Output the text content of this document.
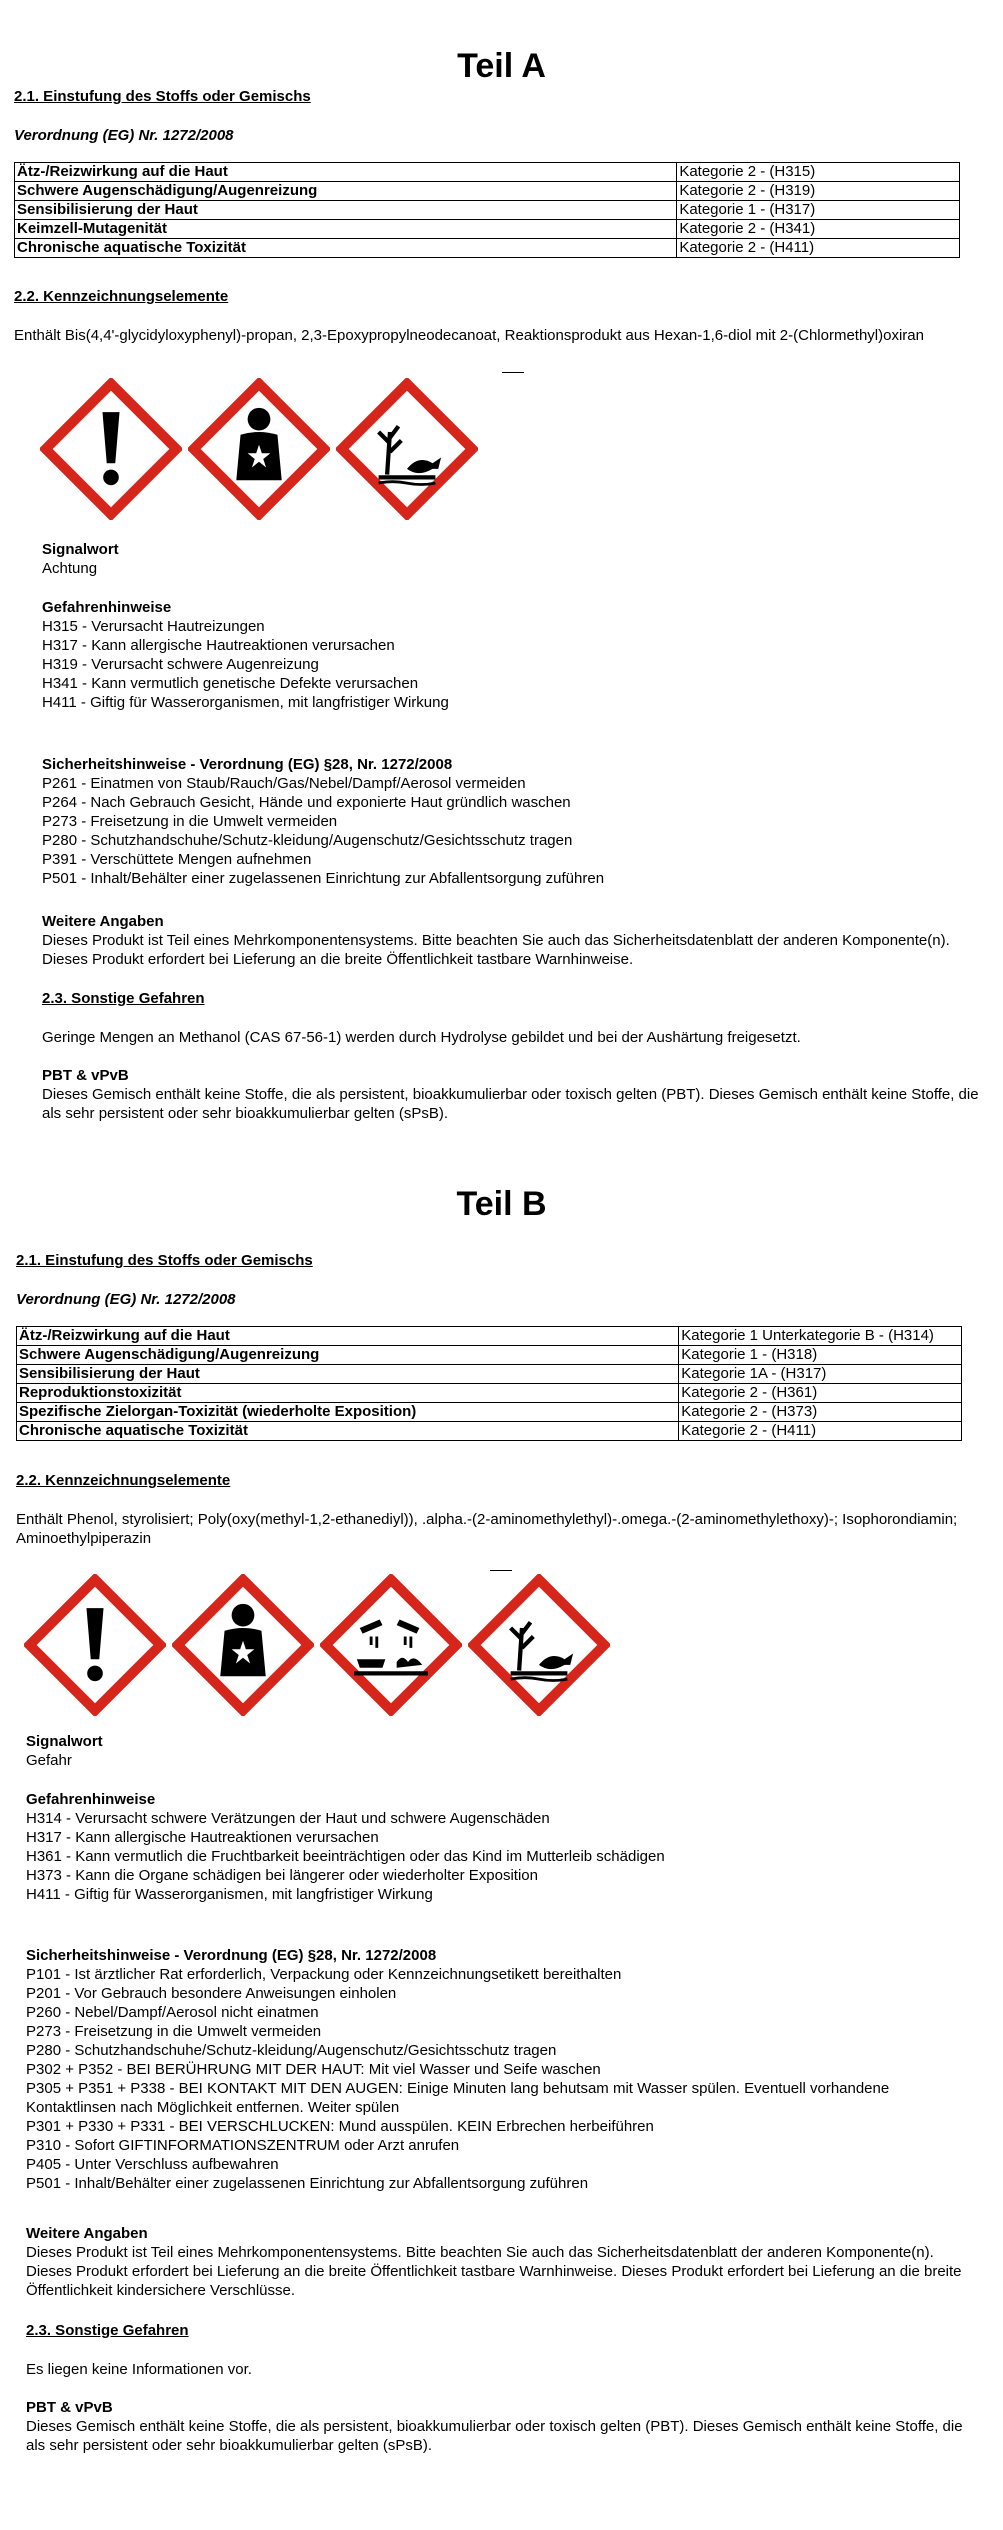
Teil A
2.1. Einstufung des Stoffs oder Gemischs
Verordnung (EG) Nr. 1272/2008
Ätz-/Reizwirkung auf die Haut	Kategorie 2 - (H315)
Schwere Augenschädigung/Augenreizung	Kategorie 2 - (H319)
Sensibilisierung der Haut	Kategorie 1 - (H317)
Keimzell-Mutagenität	Kategorie 2 - (H341)
Chronische aquatische Toxizität	Kategorie 2 - (H411)
2.2. Kennzeichnungselemente
Enthält Bis(4,4'-glycidyloxyphenyl)-propan, 2,3-Epoxypropylneodecanoat, Reaktionsprodukt aus Hexan-1,6-diol mit 2-(Chlormethyl)oxiran
Signalwort
Achtung
Gefahrenhinweise
H315 - Verursacht Hautreizungen
H317 - Kann allergische Hautreaktionen verursachen
H319 - Verursacht schwere Augenreizung
H341 - Kann vermutlich genetische Defekte verursachen
H411 - Giftig für Wasserorganismen, mit langfristiger Wirkung
Sicherheitshinweise - Verordnung (EG) §28, Nr. 1272/2008
P261 - Einatmen von Staub/Rauch/Gas/Nebel/Dampf/Aerosol vermeiden
P264 - Nach Gebrauch Gesicht, Hände und exponierte Haut gründlich waschen
P273 - Freisetzung in die Umwelt vermeiden
P280 - Schutzhandschuhe/Schutz-kleidung/Augenschutz/Gesichtsschutz tragen
P391 - Verschüttete Mengen aufnehmen
P501 - Inhalt/Behälter einer zugelassenen Einrichtung zur Abfallentsorgung zuführen
Weitere Angaben
Dieses Produkt ist Teil eines Mehrkomponentensystems. Bitte beachten Sie auch das Sicherheitsdatenblatt der anderen Komponente(n). Dieses Produkt erfordert bei Lieferung an die breite Öffentlichkeit tastbare Warnhinweise.
2.3. Sonstige Gefahren
Geringe Mengen an Methanol (CAS 67-56-1) werden durch Hydrolyse gebildet und bei der Aushärtung freigesetzt.
PBT & vPvB
Dieses Gemisch enthält keine Stoffe, die als persistent, bioakkumulierbar oder toxisch gelten (PBT). Dieses Gemisch enthält keine Stoffe, die als sehr persistent oder sehr bioakkumulierbar gelten (sPsB).
Teil B
2.1. Einstufung des Stoffs oder Gemischs
Verordnung (EG) Nr. 1272/2008
Ätz-/Reizwirkung auf die Haut	Kategorie 1 Unterkategorie B - (H314)
Schwere Augenschädigung/Augenreizung	Kategorie 1 - (H318)
Sensibilisierung der Haut	Kategorie 1A - (H317)
Reproduktionstoxizität	Kategorie 2 - (H361)
Spezifische Zielorgan-Toxizität (wiederholte Exposition)	Kategorie 2 - (H373)
Chronische aquatische Toxizität	Kategorie 2 - (H411)
2.2. Kennzeichnungselemente
Enthält Phenol, styrolisiert; Poly(oxy(methyl-1,2-ethanediyl)), .alpha.-(2-aminomethylethyl)-.omega.-(2-aminomethylethoxy)-; Isophorondiamin; Aminoethylpiperazin
Signalwort
Gefahr
Gefahrenhinweise
H314 - Verursacht schwere Verätzungen der Haut und schwere Augenschäden
H317 - Kann allergische Hautreaktionen verursachen
H361 - Kann vermutlich die Fruchtbarkeit beeinträchtigen oder das Kind im Mutterleib schädigen
H373 - Kann die Organe schädigen bei längerer oder wiederholter Exposition
H411 - Giftig für Wasserorganismen, mit langfristiger Wirkung
Sicherheitshinweise - Verordnung (EG) §28, Nr. 1272/2008
P101 - Ist ärztlicher Rat erforderlich, Verpackung oder Kennzeichnungsetikett bereithalten
P201 - Vor Gebrauch besondere Anweisungen einholen
P260 - Nebel/Dampf/Aerosol nicht einatmen
P273 - Freisetzung in die Umwelt vermeiden
P280 - Schutzhandschuhe/Schutz-kleidung/Augenschutz/Gesichtsschutz tragen
P302 + P352 - BEI BERÜHRUNG MIT DER HAUT: Mit viel Wasser und Seife waschen
P305 + P351 + P338 - BEI KONTAKT MIT DEN AUGEN: Einige Minuten lang behutsam mit Wasser spülen. Eventuell vorhandene Kontaktlinsen nach Möglichkeit entfernen. Weiter spülen
P301 + P330 + P331 - BEI VERSCHLUCKEN: Mund ausspülen. KEIN Erbrechen herbeiführen
P310 - Sofort GIFTINFORMATIONSZENTRUM oder Arzt anrufen
P405 - Unter Verschluss aufbewahren
P501 - Inhalt/Behälter einer zugelassenen Einrichtung zur Abfallentsorgung zuführen
Weitere Angaben
Dieses Produkt ist Teil eines Mehrkomponentensystems. Bitte beachten Sie auch das Sicherheitsdatenblatt der anderen Komponente(n). Dieses Produkt erfordert bei Lieferung an die breite Öffentlichkeit tastbare Warnhinweise. Dieses Produkt erfordert bei Lieferung an die breite Öffentlichkeit kindersichere Verschlüsse.
2.3. Sonstige Gefahren
Es liegen keine Informationen vor.
PBT & vPvB
Dieses Gemisch enthält keine Stoffe, die als persistent, bioakkumulierbar oder toxisch gelten (PBT). Dieses Gemisch enthält keine Stoffe, die als sehr persistent oder sehr bioakkumulierbar gelten (sPsB).
